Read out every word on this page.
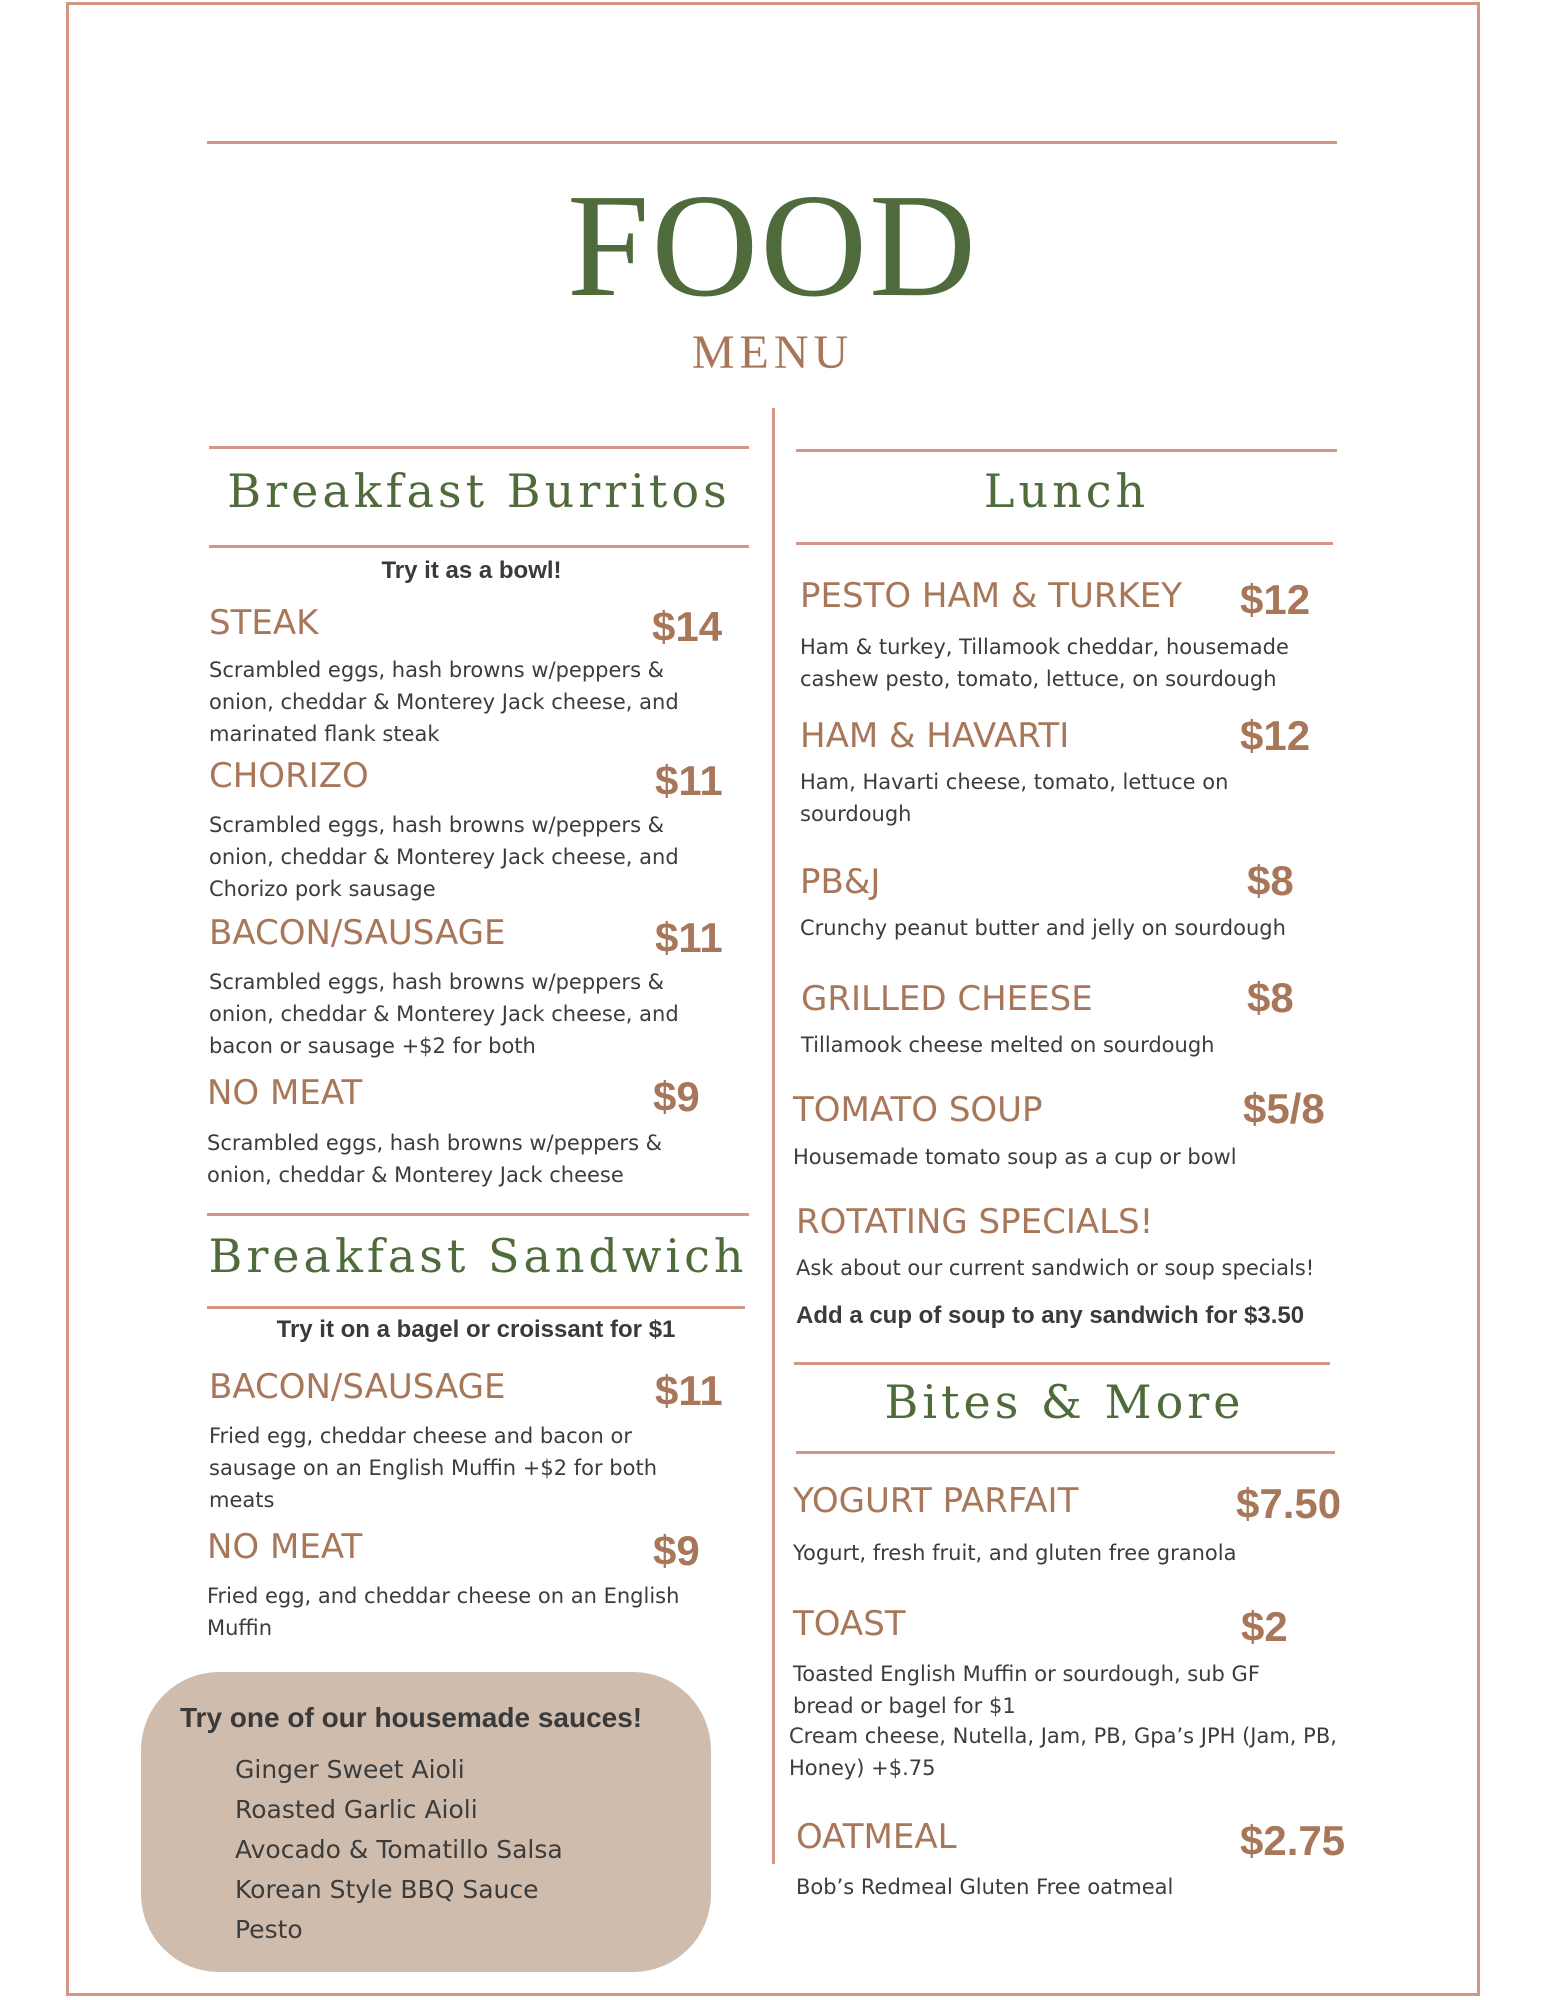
FOOD
MENU
Breakfast Burritos
Try it as a bowl!
STEAK	$14
Scrambled eggs, hash browns w/peppers & onion, cheddar & Monterey Jack cheese, and marinated flank steak
CHORIZO	$11
Scrambled eggs, hash browns w/peppers & onion, cheddar & Monterey Jack cheese, and Chorizo pork sausage
BACON/SAUSAGE	$11
Scrambled eggs, hash browns w/peppers & onion, cheddar & Monterey Jack cheese, and bacon or sausage +$2 for both
NO MEAT	$9
Scrambled eggs, hash browns w/peppers & onion, cheddar & Monterey Jack cheese
Breakfast Sandwich
Try it on a bagel or croissant for $1
BACON/SAUSAGE	$11
Fried egg, cheddar cheese and bacon or sausage on an English Muffin +$2 for both meats
NO MEAT	$9
Fried egg, and cheddar cheese on an English Muffin
Try one of our housemade sauces!
Ginger Sweet Aioli
Roasted Garlic Aioli
Avocado & Tomatillo Salsa
Korean Style BBQ Sauce
Pesto
Lunch
PESTO HAM & TURKEY $12
Ham & turkey, Tillamook cheddar, housemade cashew pesto, tomato, lettuce, on sourdough
HAM & HAVARTI	$12
Ham, Havarti cheese, tomato, lettuce on sourdough
PB&J	$8
Crunchy peanut butter and jelly on sourdough
GRILLED CHEESE	$8
Tillamook cheese melted on sourdough
TOMATO SOUP	$5/8
Housemade tomato soup as a cup or bowl
ROTATING SPECIALS!
Ask about our current sandwich or soup specials!
Add a cup of soup to any sandwich for $3.50
Bites & More
YOGURT PARFAIT	$7.50
Yogurt, fresh fruit, and gluten free granola
TOAST	$2
Toasted English Muffin or sourdough, sub GF bread or bagel for $1
Cream cheese, Nutella, Jam, PB, Gpa’s JPH (Jam, PB, Honey) +$.75
OATMEAL	$2.75
Bob’s Redmeal Gluten Free oatmeal
